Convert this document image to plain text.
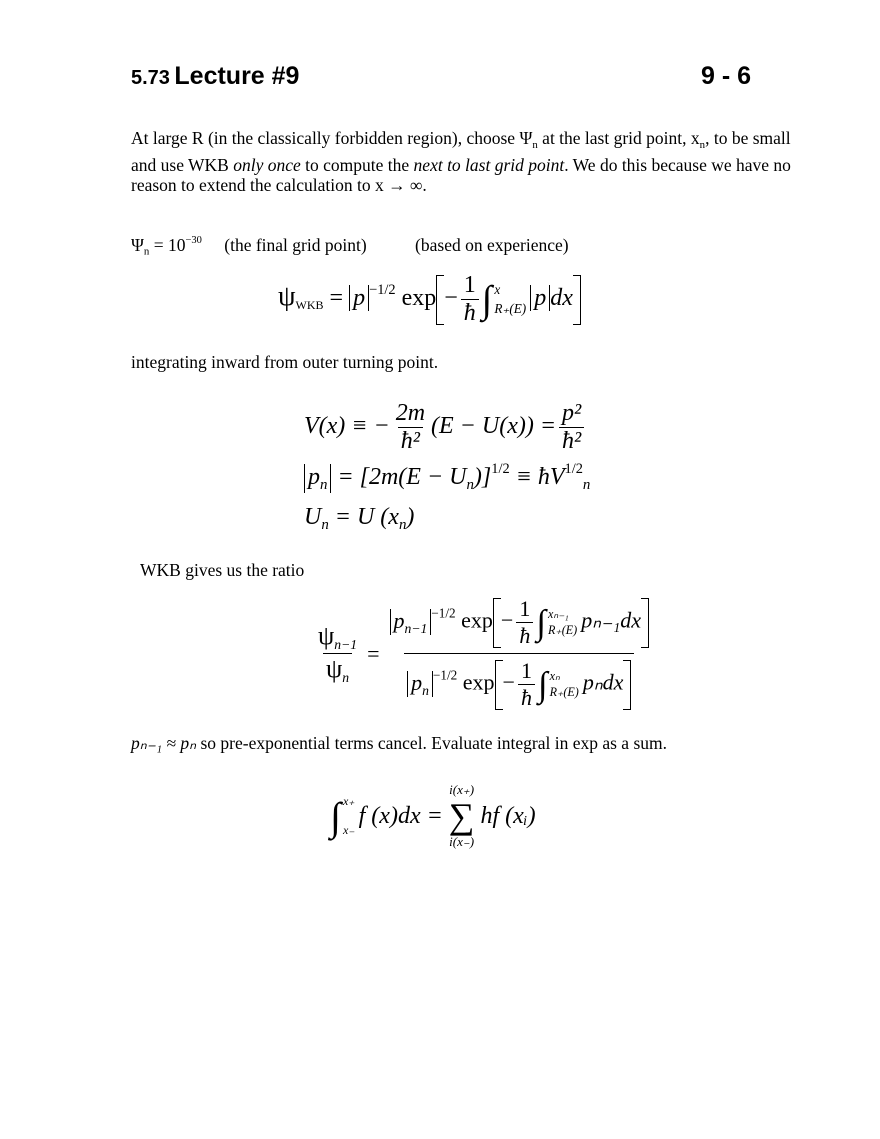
5.73 Lecture #9	9 - 6
At large R (in the classically forbidden region), choose $\Psi_n$ at the last grid point, $x_n$, to be small and use WKB only once to compute the next to last grid point. We do this because we have no reason to extend the calculation to x → ∞.
$\Psi_n = 10^{-30}$ (the final grid point)	(based on experience)
$\psi_{WKB} = p$ $^{-1/2}$ $\exp - \frac{1}{ħ}$ ∫ x
R₊(E) p dx
integrating inward from outer turning point.
V(x) ≡ − $\frac{2m}{\text{ħ²}} (E - U(x)) = \frac{\text{p²}}{\text{ħ²}}$
$p_n = [2m(E - U_n)]^{1/2}$ ≡ $ħV^{1/2}_n$
$U_n = U$ $(x_n)$
WKB gives us the ratio
$\frac{\psi_{n-1}}{\psi_n} = p_{n-1}^{-1/2}$ $\exp - \frac{1}{ħ}$ ∫ xₙ₋₁
R₊(E) pₙ₋₁dx
$p_n^{-1/2}$ $\exp - \frac{1}{ħ}$ ∫ xₙ
R₊(E) pₙdx
pₙ₋₁ ≈ pₙ so pre-exponential terms cancel. Evaluate integral in exp as a sum.
∫ x₊
x₋
f (x)dx =
i(x₊)
∑
i(x₋)
hf (xᵢ)
